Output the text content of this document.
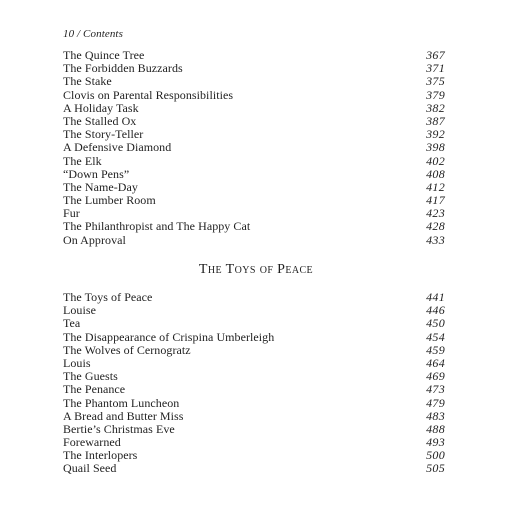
10 / Contents
The Quince Tree	367
The Forbidden Buzzards	371
The Stake	375
Clovis on Parental Responsibilities	379
A Holiday Task	382
The Stalled Ox	387
The Story-Teller	392
A Defensive Diamond	398
The Elk	402
“Down Pens”	408
The Name-Day	412
The Lumber Room	417
Fur	423
The Philanthropist and The Happy Cat	428
On Approval	433
The Toys of Peace
The Toys of Peace	441
Louise	446
Tea	450
The Disappearance of Crispina Umberleigh	454
The Wolves of Cernogratz	459
Louis	464
The Guests	469
The Penance	473
The Phantom Luncheon	479
A Bread and Butter Miss	483
Bertie’s Christmas Eve	488
Forewarned	493
The Interlopers	500
Quail Seed	505
